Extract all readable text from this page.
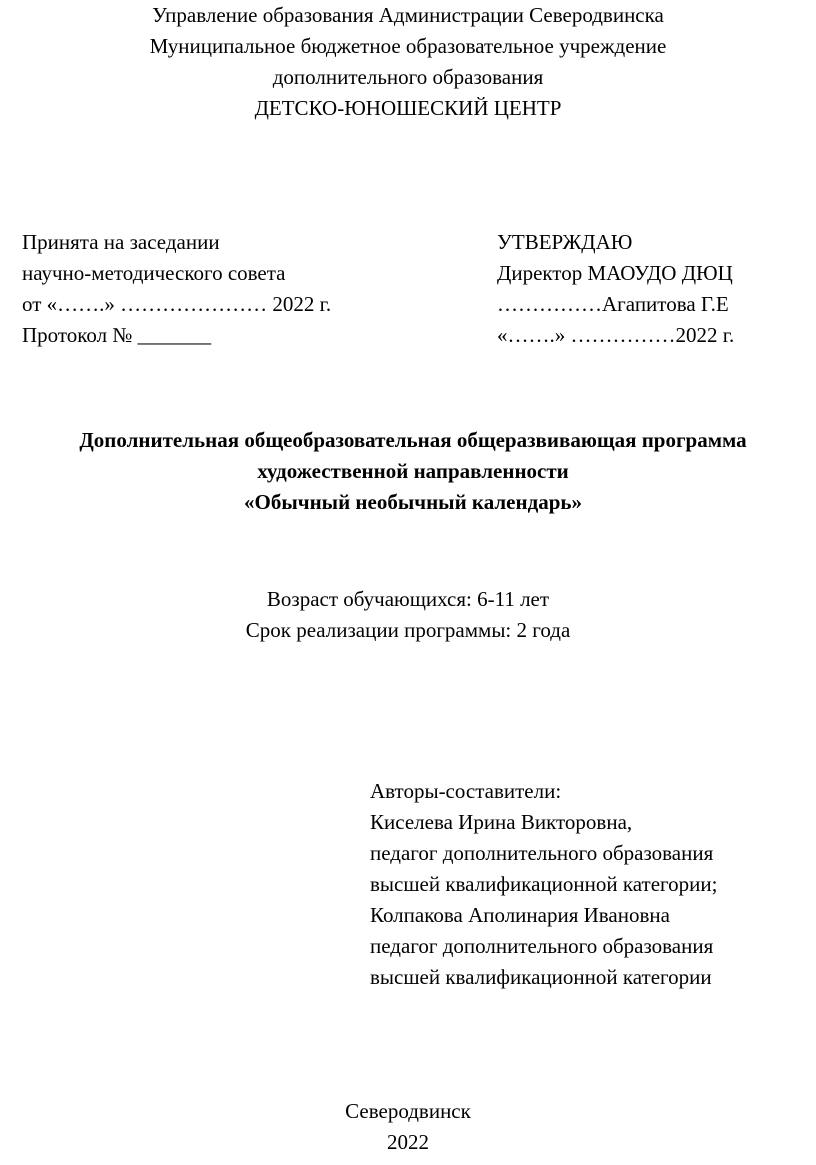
Управление образования Администрации Северодвинска
Муниципальное бюджетное образовательное учреждение
дополнительного образования
ДЕТСКО-ЮНОШЕСКИЙ ЦЕНТР
Принята на заседании
научно-методического совета
от «…….» ………………… 2022 г.
Протокол № _______
УТВЕРЖДАЮ
Директор МАОУДО ДЮЦ
……………Агапитова Г.Е
«…….» ……………2022 г.
Дополнительная общеобразовательная общеразвивающая программа
художественной направленности
«Обычный необычный календарь»
Возраст обучающихся: 6-11 лет
Срок реализации программы: 2 года
Авторы-составители:
Киселева Ирина Викторовна,
педагог дополнительного образования
высшей квалификационной категории;
Колпакова Аполинария Ивановна
педагог дополнительного образования
высшей квалификационной категории
Северодвинск
2022
